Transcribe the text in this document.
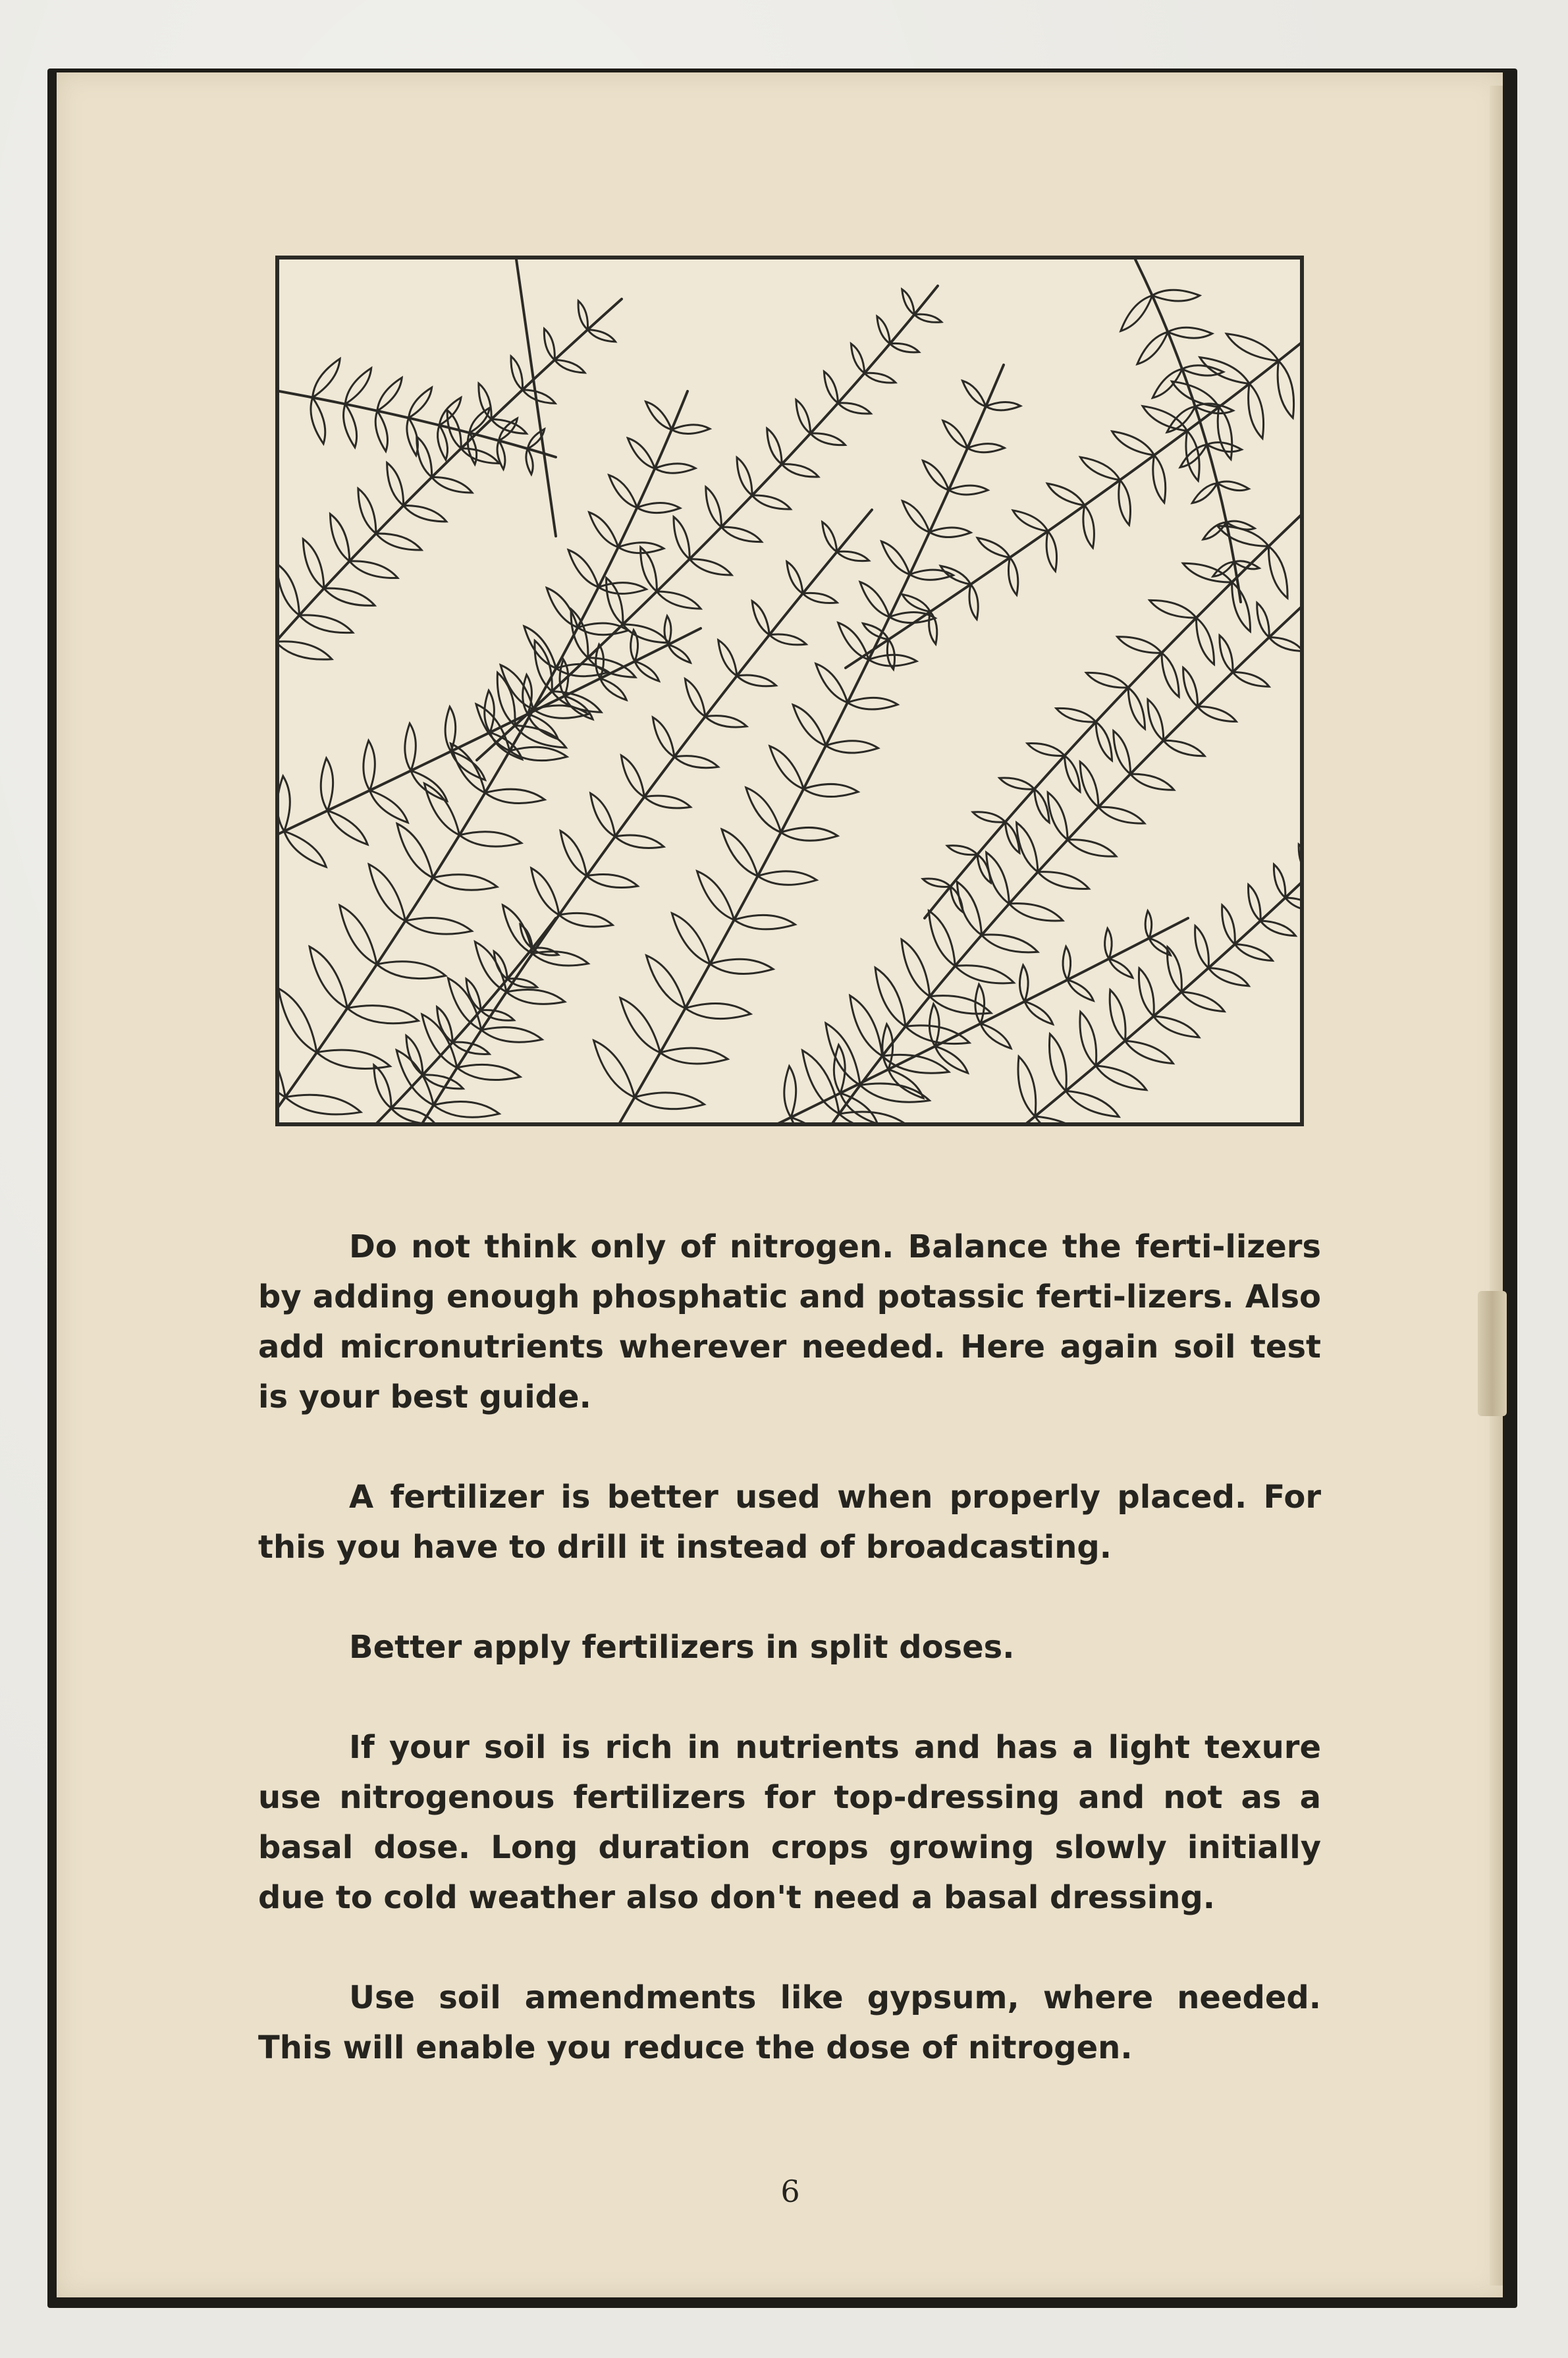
Do not think only of nitrogen. Balance the ferti-lizers by adding enough phosphatic and potassic ferti-lizers. Also add micronutrients wherever needed. Here again soil test is your best guide.

A fertilizer is better used when properly placed. For this you have to drill it instead of broadcasting.

Better apply fertilizers in split doses.

If your soil is rich in nutrients and has a light texure use nitrogenous fertilizers for top-dressing and not as a basal dose. Long duration crops growing slowly initially due to cold weather also don't need a basal dressing.

Use soil amendments like gypsum, where needed. This will enable you reduce the dose of nitrogen.

6
